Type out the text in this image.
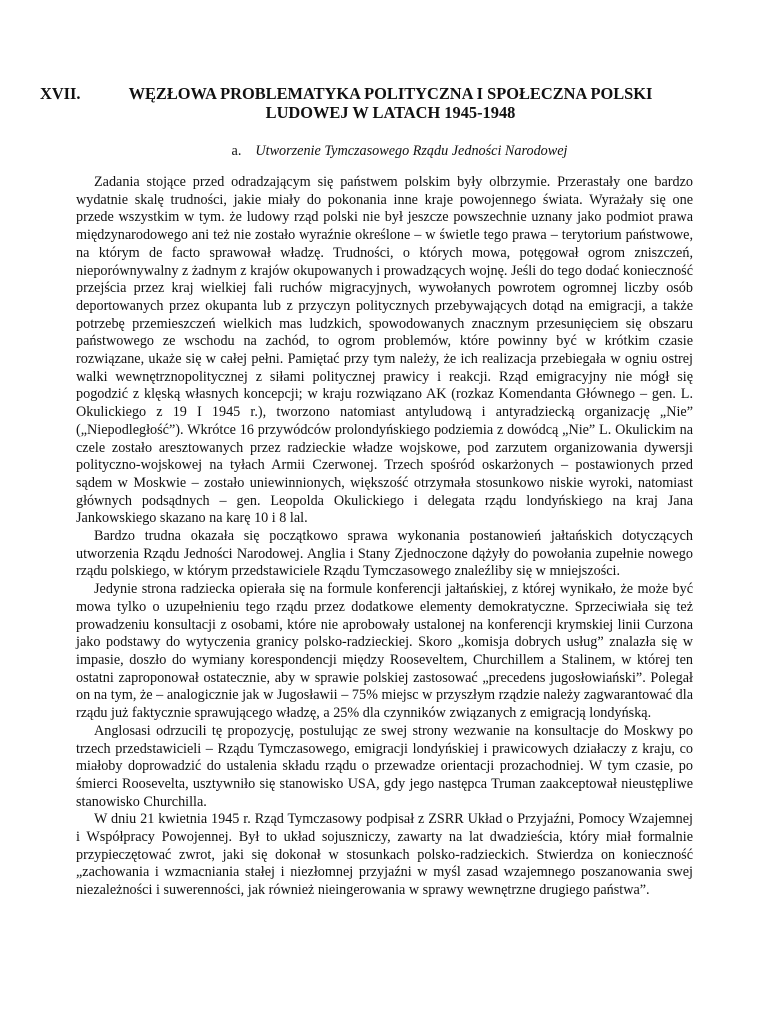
XVII.	WĘZŁOWA PROBLEMATYKA POLITYCZNA I SPOŁECZNA POLSKI
LUDOWEJ W LATACH 1945-1948
a. Utworzenie Tymczasowego Rządu Jedności Narodowej

Zadania stojące przed odradzającym się państwem polskim były olbrzymie. Przerastały one bardzo wydatnie skalę trudności, jakie miały do pokonania inne kraje powojennego świata. Wyrażały się one przede wszystkim w tym. że ludowy rząd polski nie był jeszcze powszechnie uznany jako podmiot prawa międzynarodowego ani też nie zostało wyraźnie określone – w świetle tego prawa – terytorium państwowe, na którym de facto sprawował władzę. Trudności, o których mowa, potęgował ogrom zniszczeń, nieporównywalny z żadnym z krajów okupowanych i prowadzących wojnę. Jeśli do tego dodać konieczność przejścia przez kraj wielkiej fali ruchów migracyjnych, wywołanych powrotem ogromnej liczby osób deportowanych przez okupanta lub z przyczyn politycznych przebywających dotąd na emigracji, a także potrzebę przemieszczeń wielkich mas ludzkich, spowodowanych znacznym przesunięciem się obszaru państwowego ze wschodu na zachód, to ogrom problemów, które powinny być w krótkim czasie rozwiązane, ukaże się w całej pełni. Pamiętać przy tym należy, że ich realizacja przebiegała w ogniu ostrej walki wewnętrznopolitycznej z siłami politycznej prawicy i reakcji. Rząd emigracyjny nie mógł się pogodzić z klęską własnych koncepcji; w kraju rozwiązano AK (rozkaz Komendanta Głównego – gen. L. Okulickiego z 19 I 1945 r.), tworzono natomiast antyludową i antyradziecką organizację „Nie” („Niepodległość”). Wkrótce 16 przywódców prolondyńskiego podziemia z dowódcą „Nie” L. Okulickim na czele zostało aresztowanych przez radzieckie władze wojskowe, pod zarzutem organizowania dywersji polityczno-wojskowej na tyłach Armii Czerwonej. Trzech spośród oskarżonych – postawionych przed sądem w Moskwie – zostało uniewinnionych, większość otrzymała stosunkowo niskie wyroki, natomiast głównych podsądnych – gen. Leopolda Okulickiego i delegata rządu londyńskiego na kraj Jana Jankowskiego skazano na karę 10 i 8 lal.

Bardzo trudna okazała się początkowo sprawa wykonania postanowień jałtańskich dotyczących utworzenia Rządu Jedności Narodowej. Anglia i Stany Zjednoczone dążyły do powołania zupełnie nowego rządu polskiego, w którym przedstawiciele Rządu Tymczasowego znaleźliby się w mniejszości.

Jedynie strona radziecka opierała się na formule konferencji jałtańskiej, z której wynikało, że może być mowa tylko o uzupełnieniu tego rządu przez dodatkowe elementy demokratyczne. Sprzeciwiała się też prowadzeniu konsultacji z osobami, które nie aprobowały ustalonej na konferencji krymskiej linii Curzona jako podstawy do wytyczenia granicy polsko-radzieckiej. Skoro „komisja dobrych usług” znalazła się w impasie, doszło do wymiany korespondencji między Rooseveltem, Churchillem a Stalinem, w której ten ostatni zaproponował ostatecznie, aby w sprawie polskiej zastosować „precedens jugosłowiański”. Polegał on na tym, że – analogicznie jak w Jugosławii – 75% miejsc w przyszłym rządzie należy zagwarantować dla rządu już faktycznie sprawującego władzę, a 25% dla czynników związanych z emigracją londyńską.

Anglosasi odrzucili tę propozycję, postulując ze swej strony wezwanie na konsultacje do Moskwy po trzech przedstawicieli – Rządu Tymczasowego, emigracji londyńskiej i prawicowych działaczy z kraju, co miałoby doprowadzić do ustalenia składu rządu o przewadze orientacji prozachodniej. W tym czasie, po śmierci Roosevelta, usztywniło się stanowisko USA, gdy jego następca Truman zaakceptował nieustępliwe stanowisko Churchilla.

W dniu 21 kwietnia 1945 r. Rząd Tymczasowy podpisał z ZSRR Układ o Przyjaźni, Pomocy Wzajemnej i Współpracy Powojennej. Był to układ sojuszniczy, zawarty na lat dwadzieścia, który miał formalnie przypieczętować zwrot, jaki się dokonał w stosunkach polsko-radzieckich. Stwierdza on konieczność „zachowania i wzmacniania stałej i niezłomnej przyjaźni w myśl zasad wzajemnego poszanowania swej niezależności i suwerenności, jak również nieingerowania w sprawy wewnętrzne drugiego państwa”.
